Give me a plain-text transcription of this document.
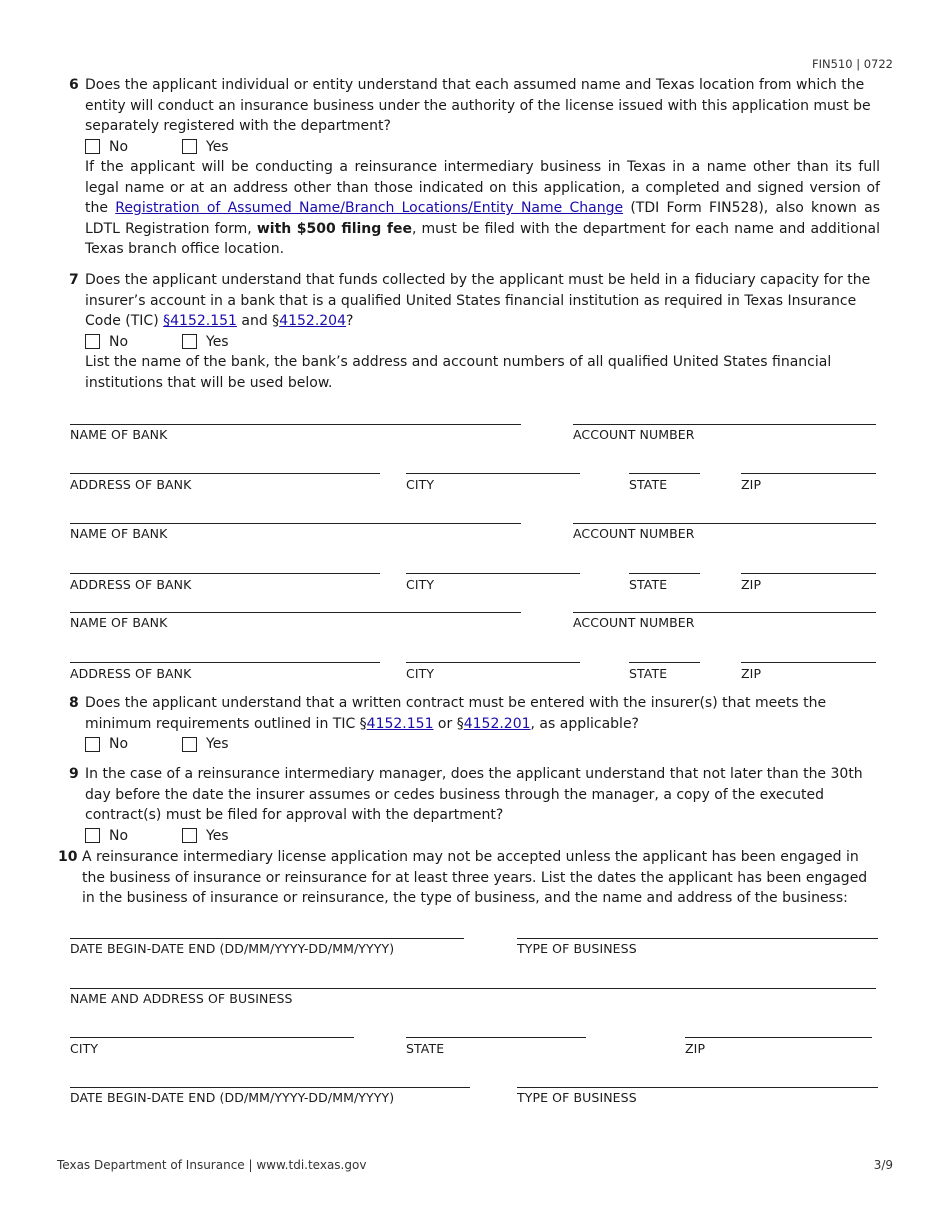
FIN510 | 0722
6 Does the applicant individual or entity understand that each assumed name and Texas location from which the entity will conduct an insurance business under the authority of the license issued with this application must be separately registered with the department?

No	Yes

If the applicant will be conducting a reinsurance intermediary business in Texas in a name other than its full legal name or at an address other than those indicated on this application, a completed and signed version of the Registration of Assumed Name/Branch Locations/Entity Name Change (TDI Form FIN528), also known as LDTL Registration form, with $500 filing fee, must be filed with the department for each name and additional Texas branch office location.

7 Does the applicant understand that funds collected by the applicant must be held in a fiduciary capacity for the insurer’s account in a bank that is a qualified United States financial institution as required in Texas Insurance Code (TIC) §4152.151 and §4152.204?

No	Yes

List the name of the bank, the bank’s address and account numbers of all qualified United States financial institutions that will be used below.

NAME OF BANK	ACCOUNT NUMBER
ADDRESS OF BANK	CITY	STATE	ZIP
NAME OF BANK	ACCOUNT NUMBER
ADDRESS OF BANK	CITY	STATE	ZIP
NAME OF BANK	ACCOUNT NUMBER
ADDRESS OF BANK	CITY	STATE	ZIP
8 Does the applicant understand that a written contract must be entered with the insurer(s) that meets the minimum requirements outlined in TIC §4152.151 or §4152.201, as applicable?

No	Yes
9 In the case of a reinsurance intermediary manager, does the applicant understand that not later than the 30th day before the date the insurer assumes or cedes business through the manager, a copy of the executed contract(s) must be filed for approval with the department?

No	Yes
10 A reinsurance intermediary license application may not be accepted unless the applicant has been engaged in the business of insurance or reinsurance for at least three years. List the dates the applicant has been engaged in the business of insurance or reinsurance, the type of business, and the name and address of the business:

DATE BEGIN-DATE END (DD/MM/YYYY-DD/MM/YYYY)	TYPE OF BUSINESS
NAME AND ADDRESS OF BUSINESS
CITY	STATE	ZIP
DATE BEGIN-DATE END (DD/MM/YYYY-DD/MM/YYYY)	TYPE OF BUSINESS
Texas Department of Insurance | www.tdi.texas.gov	3/9
